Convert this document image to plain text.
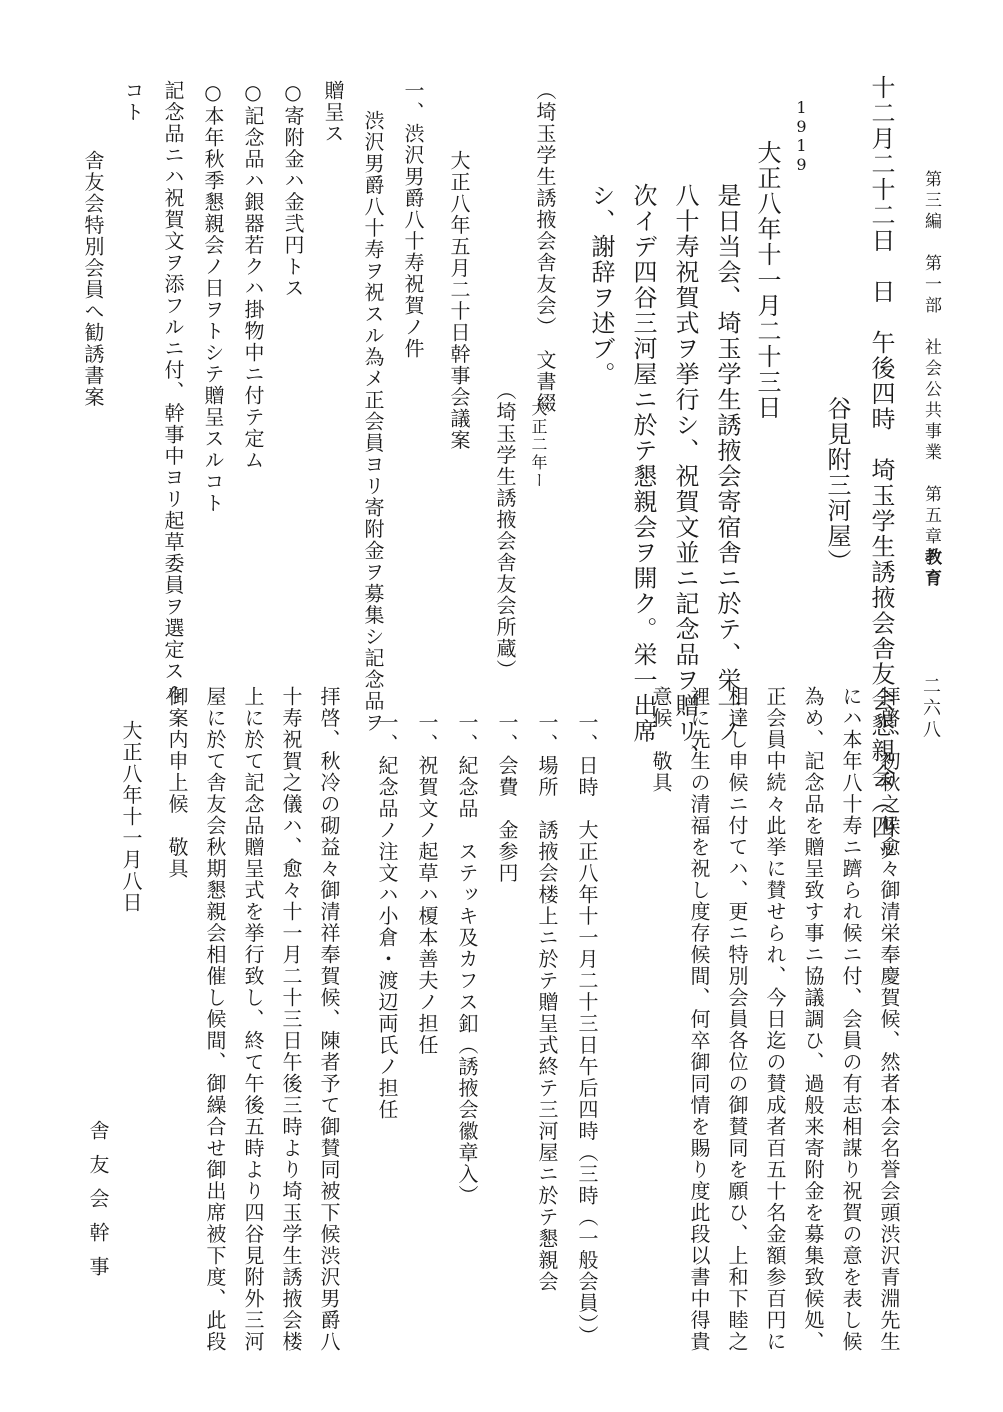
第三編　第一部　社会公共事業　第五章教育
十二月二十二日　日　午後四時　埼玉学生誘掖会舎友会懇親会（四ッ
谷見附三河屋）
1919
大正八年十一月二十三日
是日当会、埼玉学生誘掖会寄宿舎ニ於テ、栄一ノ
八十寿祝賀式ヲ挙行シ、祝賀文並ニ記念品ヲ贈リ、
次イデ四谷三河屋ニ於テ懇親会ヲ開ク。栄一出席
シ、謝辞ヲ述ブ。
（埼玉学生誘掖会舎友会）　文書綴
大正二年ー
（埼玉学生誘掖会舎友会所蔵）
大正八年五月二十日幹事会議案
一、渋沢男爵八十寿祝賀ノ件
渋沢男爵八十寿ヲ祝スル為メ正会員ヨリ寄附金ヲ募集シ記念品ヲ
贈呈ス
○寄附金ハ金弐円トス
○記念品ハ銀器若クハ掛物中ニ付テ定ム
○本年秋季懇親会ノ日ヲトシテ贈呈スルコト
記念品ニハ祝賀文ヲ添フルニ付、幹事中ヨリ起草委員ヲ選定スル
コト
舎友会特別会員へ勧誘書案
二六八
拝啓、初秋之候愈々御清栄奉慶賀候、然者本会名誉会頭渋沢青淵先生
にハ本年八十寿ニ躋られ候ニ付、会員の有志相謀り祝賀の意を表し候
為め、記念品を贈呈致す事ニ協議調ひ、過般来寄附金を募集致候処、
正会員中続々此挙に賛せられ、今日迄の賛成者百五十名金額参百円に
相達し申候ニ付てハ、更ニ特別会員各位の御賛同を願ひ、上和下睦之
裡に先生の清福を祝し度存候間、何卒御同情を賜り度此段以書中得貴
意候　敬具
一、日時　大正八年十一月二十三日午后四時（三時（一般会員））
一、場所　誘掖会楼上ニ於テ贈呈式終テ三河屋ニ於テ懇親会
一、会費　金参円
一、紀念品　ステッキ及カフス釦（誘掖会徽章入）
一、祝賀文ノ起草ハ榎本善夫ノ担任
一、紀念品ノ注文ハ小倉・渡辺両氏ノ担任
拝啓、秋冷の砌益々御清祥奉賀候、陳者予て御賛同被下候渋沢男爵八
十寿祝賀之儀ハ、愈々十一月二十三日午後三時より埼玉学生誘掖会楼
上に於て記念品贈呈式を挙行致し、終て午後五時より四谷見附外三河
屋に於て舎友会秋期懇親会相催し候間、御繰合せ御出席被下度、此段
御案内申上候　敬具
大正八年十一月八日
舎友会幹事
